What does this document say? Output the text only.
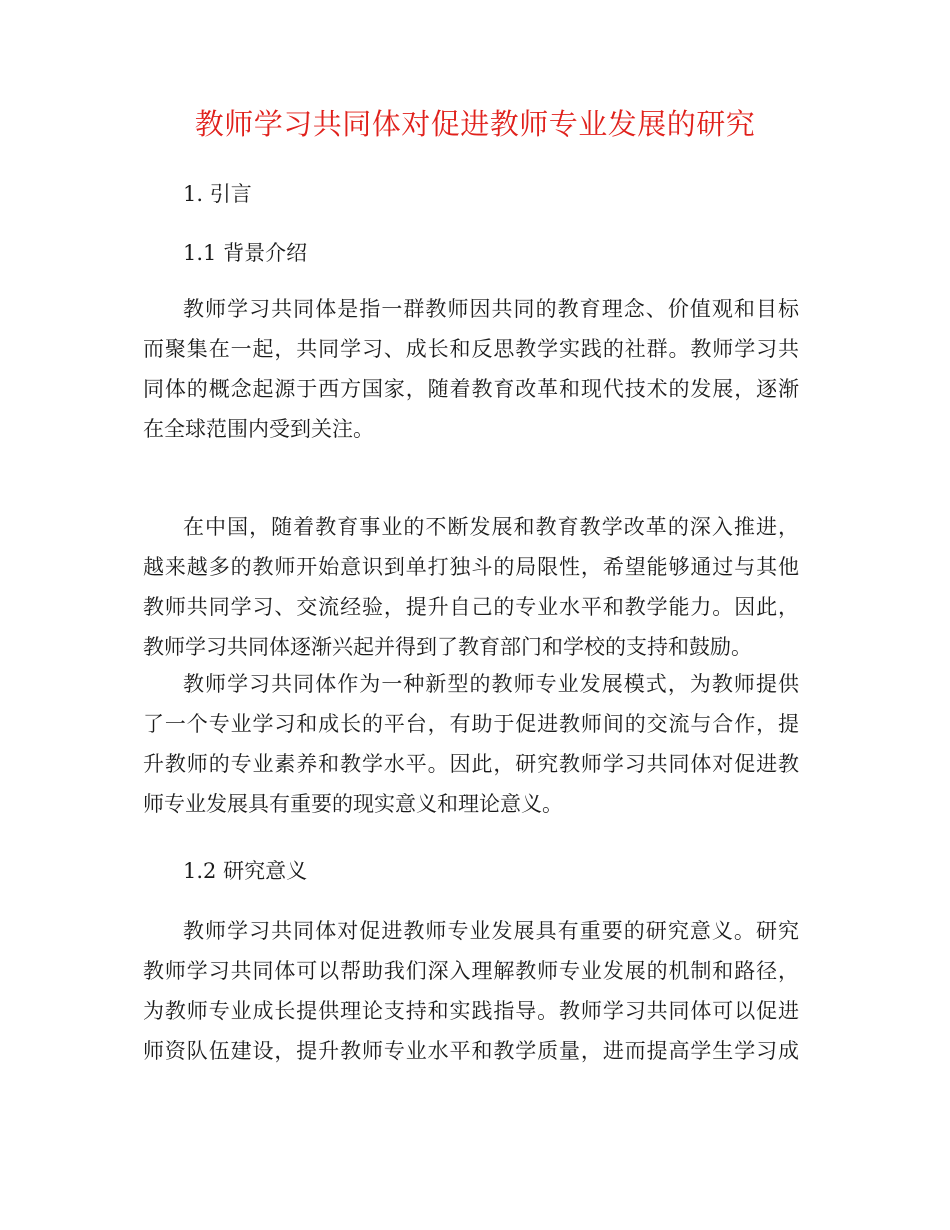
教师学习共同体对促进教师专业发展的研究
1. 引言
1.1 背景介绍

教师学习共同体是指一群教师因共同的教育理念、价值观和目标
而聚集在一起，共同学习、成长和反思教学实践的社群。教师学习共
同体的概念起源于西方国家，随着教育改革和现代技术的发展，逐渐
在全球范围内受到关注。

在中国，随着教育事业的不断发展和教育教学改革的深入推进，
越来越多的教师开始意识到单打独斗的局限性，希望能够通过与其他
教师共同学习、交流经验，提升自己的专业水平和教学能力。因此，
教师学习共同体逐渐兴起并得到了教育部门和学校的支持和鼓励。

教师学习共同体作为一种新型的教师专业发展模式，为教师提供
了一个专业学习和成长的平台，有助于促进教师间的交流与合作，提
升教师的专业素养和教学水平。因此，研究教师学习共同体对促进教
师专业发展具有重要的现实意义和理论意义。

1.2 研究意义

教师学习共同体对促进教师专业发展具有重要的研究意义。研究
教师学习共同体可以帮助我们深入理解教师专业发展的机制和路径，
为教师专业成长提供理论支持和实践指导。教师学习共同体可以促进
师资队伍建设，提升教师专业水平和教学质量，进而提高学生学习成
